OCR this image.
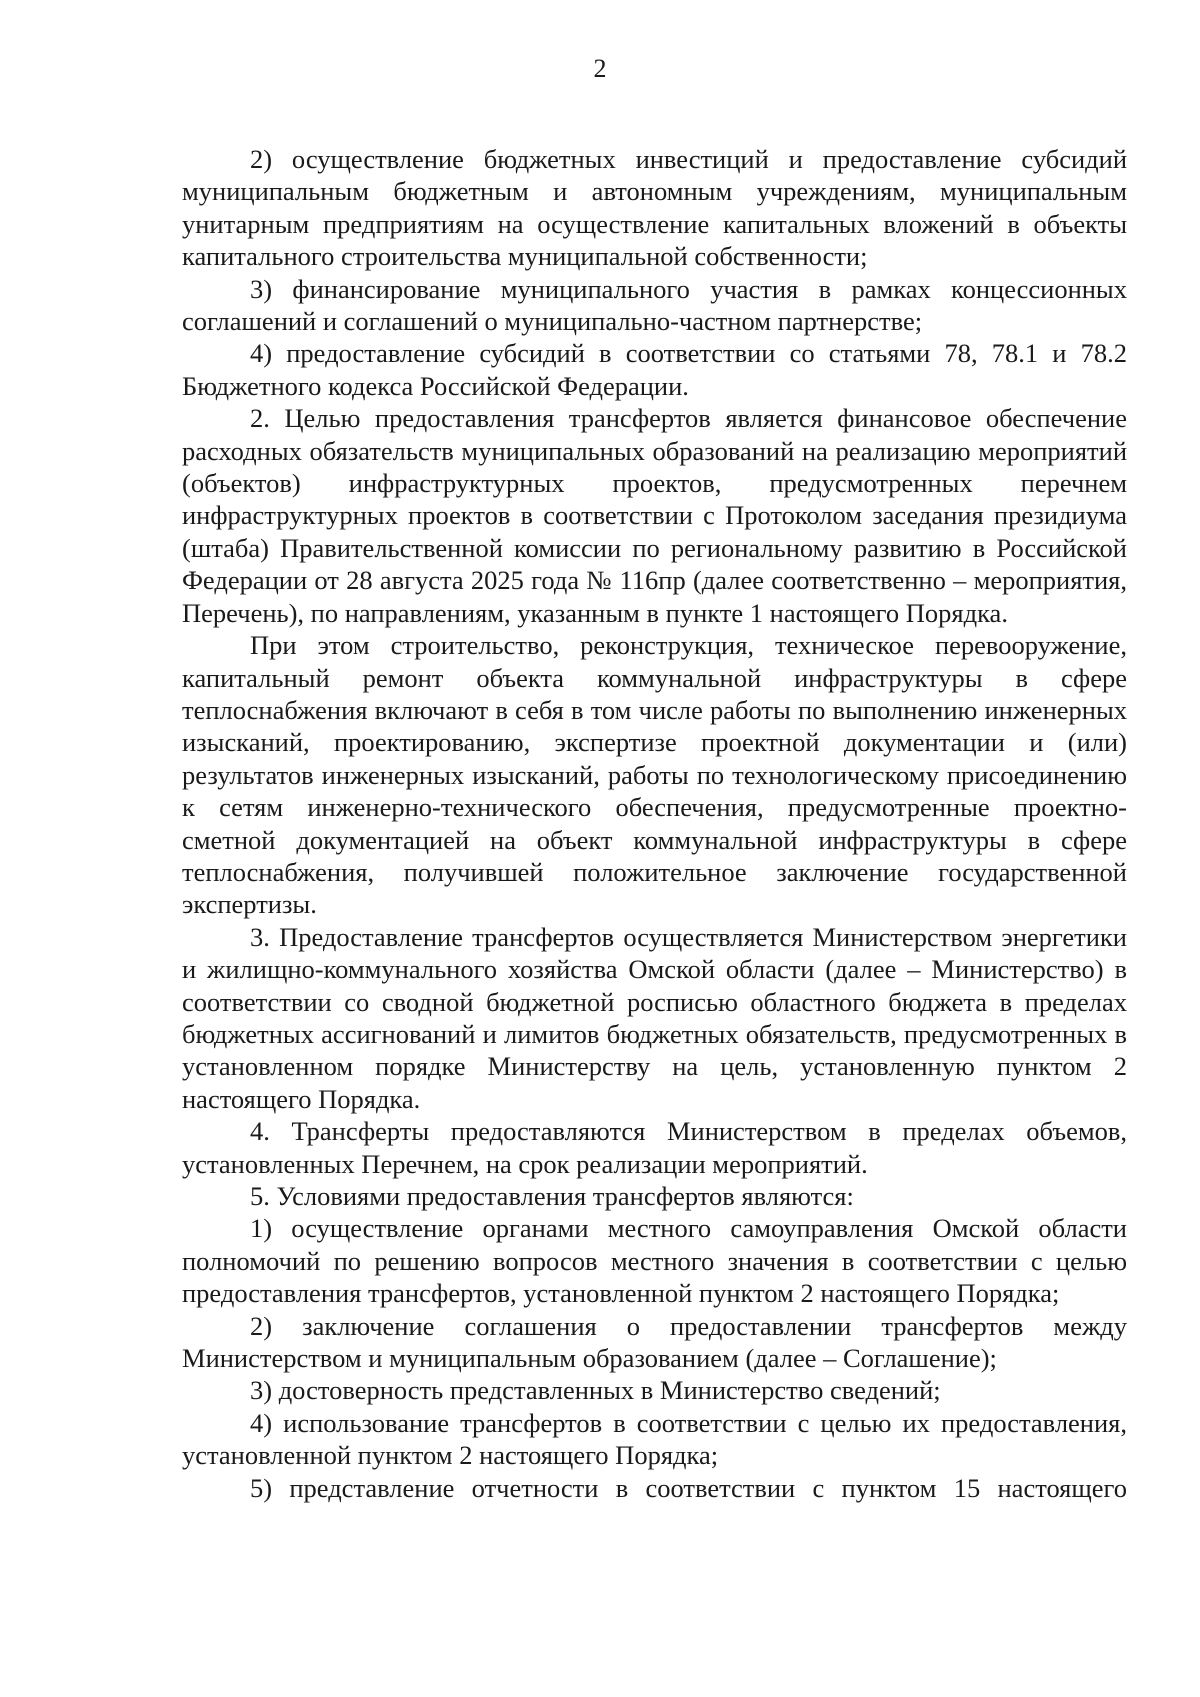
2

2) осуществление бюджетных инвестиций и предоставление субсидий муниципальным бюджетным и автономным учреждениям, муниципальным унитарным предприятиям на осуществление капитальных вложений в объекты капитального строительства муниципальной собственности;

3) финансирование муниципального участия в рамках концессионных соглашений и соглашений о муниципально-частном партнерстве;

4) предоставление субсидий в соответствии со статьями 78, 78.1 и 78.2 Бюджетного кодекса Российской Федерации.

2. Целью предоставления трансфертов является финансовое обеспечение расходных обязательств муниципальных образований на реализацию мероприятий (объектов) инфраструктурных проектов, предусмотренных перечнем инфраструктурных проектов в соответствии с Протоколом заседания президиума (штаба) Правительственной комиссии по региональному развитию в Российской Федерации от 28 августа 2025 года № 116пр (далее соответственно – мероприятия, Перечень), по направлениям, указанным в пункте 1 настоящего Порядка.

При этом строительство, реконструкция, техническое перевооружение, капитальный ремонт объекта коммунальной инфраструктуры в сфере теплоснабжения включают в себя в том числе работы по выполнению инженерных изысканий, проектированию, экспертизе проектной документации и (или) результатов инженерных изысканий, работы по технологическому присоединению к сетям инженерно-технического обеспечения, предусмотренные проектно-сметной документацией на объект коммунальной инфраструктуры в сфере теплоснабжения, получившей положительное заключение государственной экспертизы.

3. Предоставление трансфертов осуществляется Министерством энергетики и жилищно-коммунального хозяйства Омской области (далее – Министерство) в соответствии со сводной бюджетной росписью областного бюджета в пределах бюджетных ассигнований и лимитов бюджетных обязательств, предусмотренных в установленном порядке Министерству на цель, установленную пунктом 2 настоящего Порядка.

4. Трансферты предоставляются Министерством в пределах объемов, установленных Перечнем, на срок реализации мероприятий.

5. Условиями предоставления трансфертов являются:

1) осуществление органами местного самоуправления Омской области полномочий по решению вопросов местного значения в соответствии с целью предоставления трансфертов, установленной пунктом 2 настоящего Порядка;

2) заключение соглашения о предоставлении трансфертов между Министерством и муниципальным образованием (далее – Соглашение);

3) достоверность представленных в Министерство сведений;

4) использование трансфертов в соответствии с целью их предоставления, установленной пунктом 2 настоящего Порядка;

5) представление отчетности в соответствии с пунктом 15 настоящего
